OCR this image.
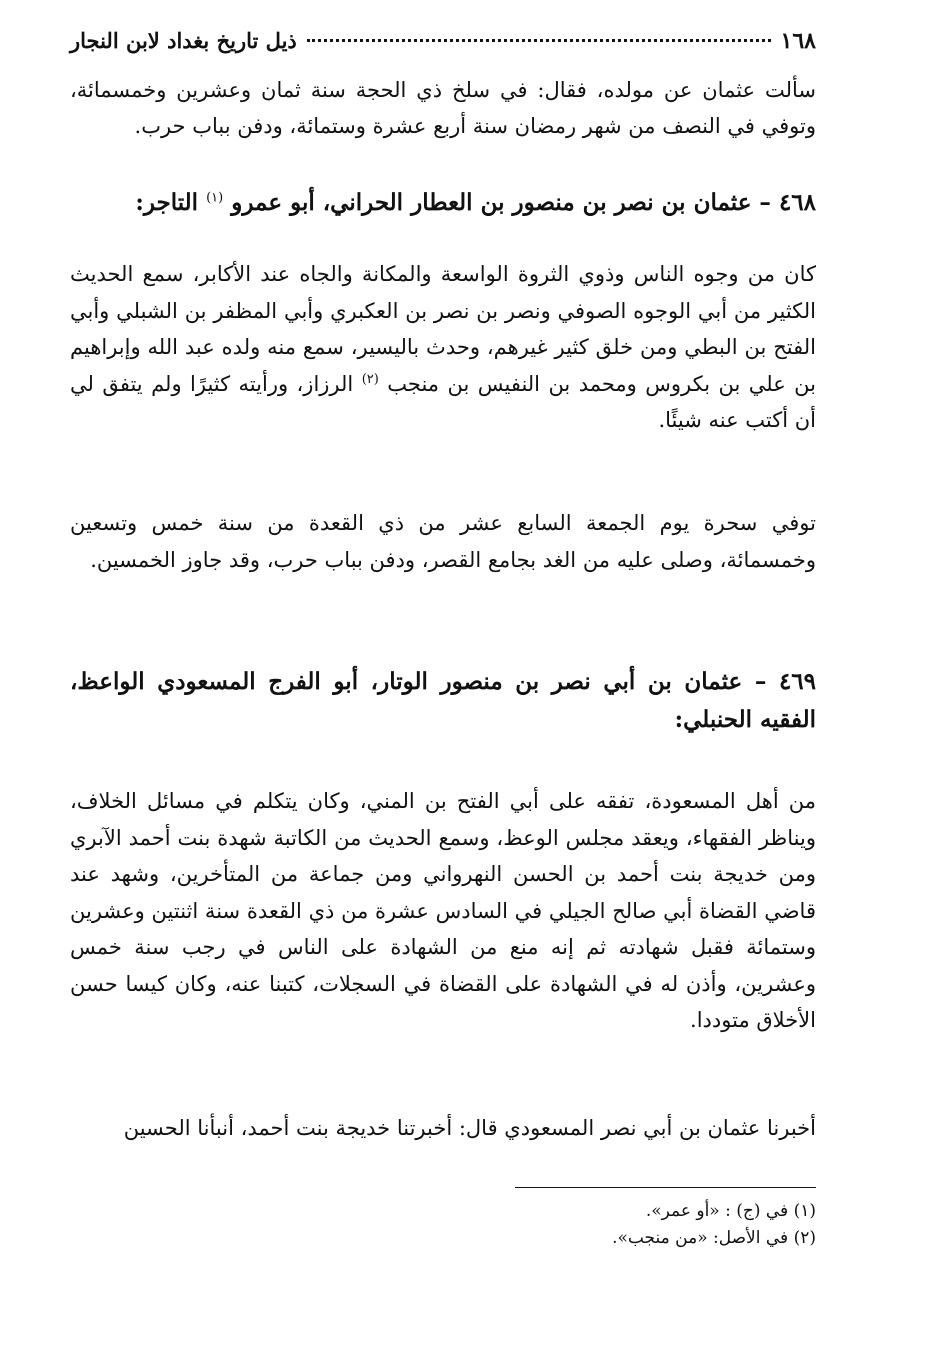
١٦٨
ذيل تاريخ بغداد لابن النجار
سألت عثمان عن مولده، فقال: في سلخ ذي الحجة سنة ثمان وعشرين وخمسمائة، وتوفي في النصف من شهر رمضان سنة أربع عشرة وستمائة، ودفن بباب حرب.
٤٦٨ – عثمان بن نصر بن منصور بن العطار الحراني، أبو عمرو $^{(١)}$ التاجر:
كان من وجوه الناس وذوي الثروة الواسعة والمكانة والجاه عند الأكابر، سمع الحديث الكثير من أبي الوجوه الصوفي ونصر بن نصر بن العكبري وأبي المظفر بن الشبلي وأبي الفتح بن البطي ومن خلق كثير غيرهم، وحدث باليسير، سمع منه ولده عبد الله وإبراهيم بن علي بن بكروس ومحمد بن النفيس بن منجب $^{(٢)}$ الرزاز، ورأيته كثيرًا ولم يتفق لي أن أكتب عنه شيئًا.
توفي سحرة يوم الجمعة السابع عشر من ذي القعدة من سنة خمس وتسعين وخمسمائة، وصلى عليه من الغد بجامع القصر، ودفن بباب حرب، وقد جاوز الخمسين.
٤٦٩ – عثمان بن أبي نصر بن منصور الوتار، أبو الفرج المسعودي الواعظ، الفقيه الحنبلي:
من أهل المسعودة، تفقه على أبي الفتح بن المني، وكان يتكلم في مسائل الخلاف، ويناظر الفقهاء، ويعقد مجلس الوعظ، وسمع الحديث من الكاتبة شهدة بنت أحمد الآبري ومن خديجة بنت أحمد بن الحسن النهرواني ومن جماعة من المتأخرين، وشهد عند قاضي القضاة أبي صالح الجيلي في السادس عشرة من ذي القعدة سنة اثنتين وعشرين وستمائة فقبل شهادته ثم إنه منع من الشهادة على الناس في رجب سنة خمس وعشرين، وأذن له في الشهادة على القضاة في السجلات، كتبنا عنه، وكان كيسا حسن الأخلاق متوددا.
أخبرنا عثمان بن أبي نصر المسعودي قال: أخبرتنا خديجة بنت أحمد، أنبأنا الحسين
(١) في (ج) : «أو عمر».
(٢) في الأصل: «من منجب».
